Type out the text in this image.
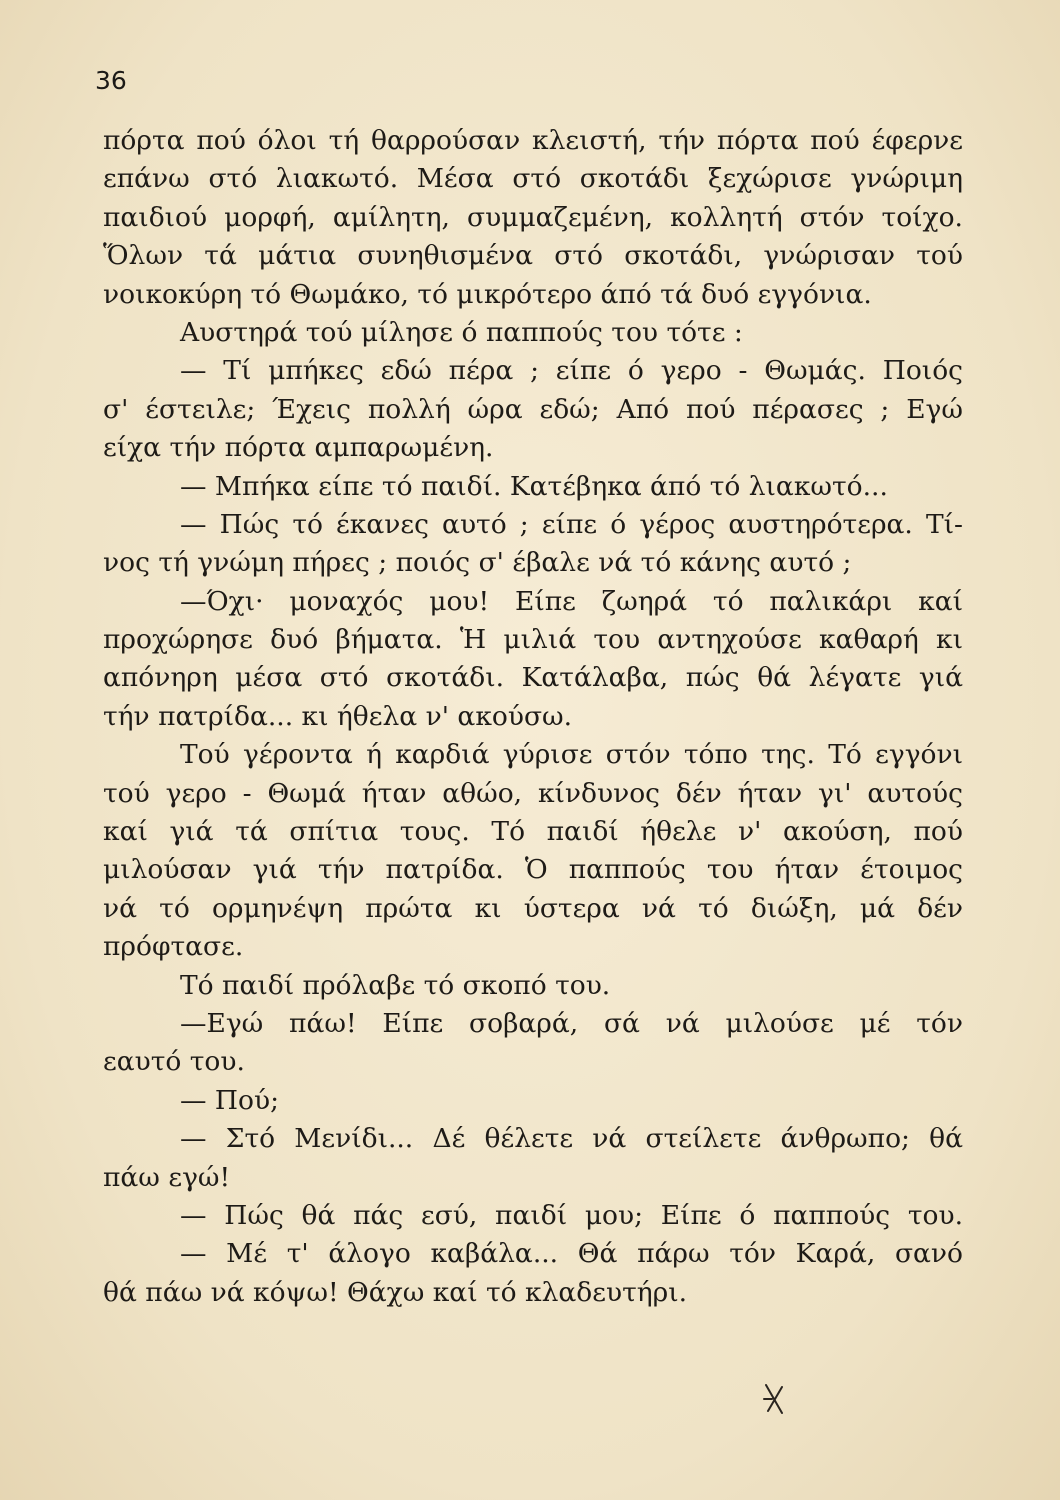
36
πόρτα πού όλοι τή θαρρούσαν κλειστή, τήν πόρτα πού έφερνε
επάνω στό λιακωτό. Μέσα στό σκοτάδι ξεχώρισε γνώριμη
παιδιού μορφή, αμίλητη, συμμαζεμένη, κολλητή στόν τοίχο.
Ὅλων τά μάτια συνηθισμένα στό σκοτάδι, γνώρισαν τού
νοικοκύρη τό Θωμάκο, τό μικρότερο άπό τά δυό εγγόνια.
Αυστηρά τού μίλησε ό παππούς του τότε :
— Τί μπήκες εδώ πέρα ; είπε ό γερο - Θωμάς. Ποιός
σ' έστειλε; Έχεις πολλή ώρα εδώ; Από πού πέρασες ; Εγώ
είχα τήν πόρτα αμπαρωμένη.
— Μπήκα είπε τό παιδί. Κατέβηκα άπό τό λιακωτό...
— Πώς τό έκανες αυτό ; είπε ό γέρος αυστηρότερα. Τί-
νος τή γνώμη πήρες ; ποιός σ' έβαλε νά τό κάνης αυτό ;
—Όχι· μοναχός μου! Είπε ζωηρά τό παλικάρι καί
προχώρησε δυό βήματα. Ἡ μιλιά του αντηχούσε καθαρή κι
απόνηρη μέσα στό σκοτάδι. Κατάλαβα, πώς θά λέγατε γιά
τήν πατρίδα... κι ήθελα ν' ακούσω.
Τού γέροντα ή καρδιά γύρισε στόν τόπο της. Τό εγγόνι
τού γερο - Θωμά ήταν αθώο, κίνδυνος δέν ήταν γι' αυτούς
καί γιά τά σπίτια τους. Τό παιδί ήθελε ν' ακούση, πού
μιλούσαν γιά τήν πατρίδα. Ὁ παππούς του ήταν έτοιμος
νά τό ορμηνέψη πρώτα κι ύστερα νά τό διώξη, μά δέν
πρόφτασε.
Τό παιδί πρόλαβε τό σκοπό του.
—Εγώ πάω! Είπε σοβαρά, σά νά μιλούσε μέ τόν
εαυτό του.
— Πού;
— Στό Μενίδι... Δέ θέλετε νά στείλετε άνθρωπο; θά
πάω εγώ!
— Πώς θά πάς εσύ, παιδί μου; Είπε ό παππούς του.
— Μέ τ' άλογο καβάλα... Θά πάρω τόν Καρά, σανό
θά πάω νά κόψω! Θάχω καί τό κλαδευτήρι.
